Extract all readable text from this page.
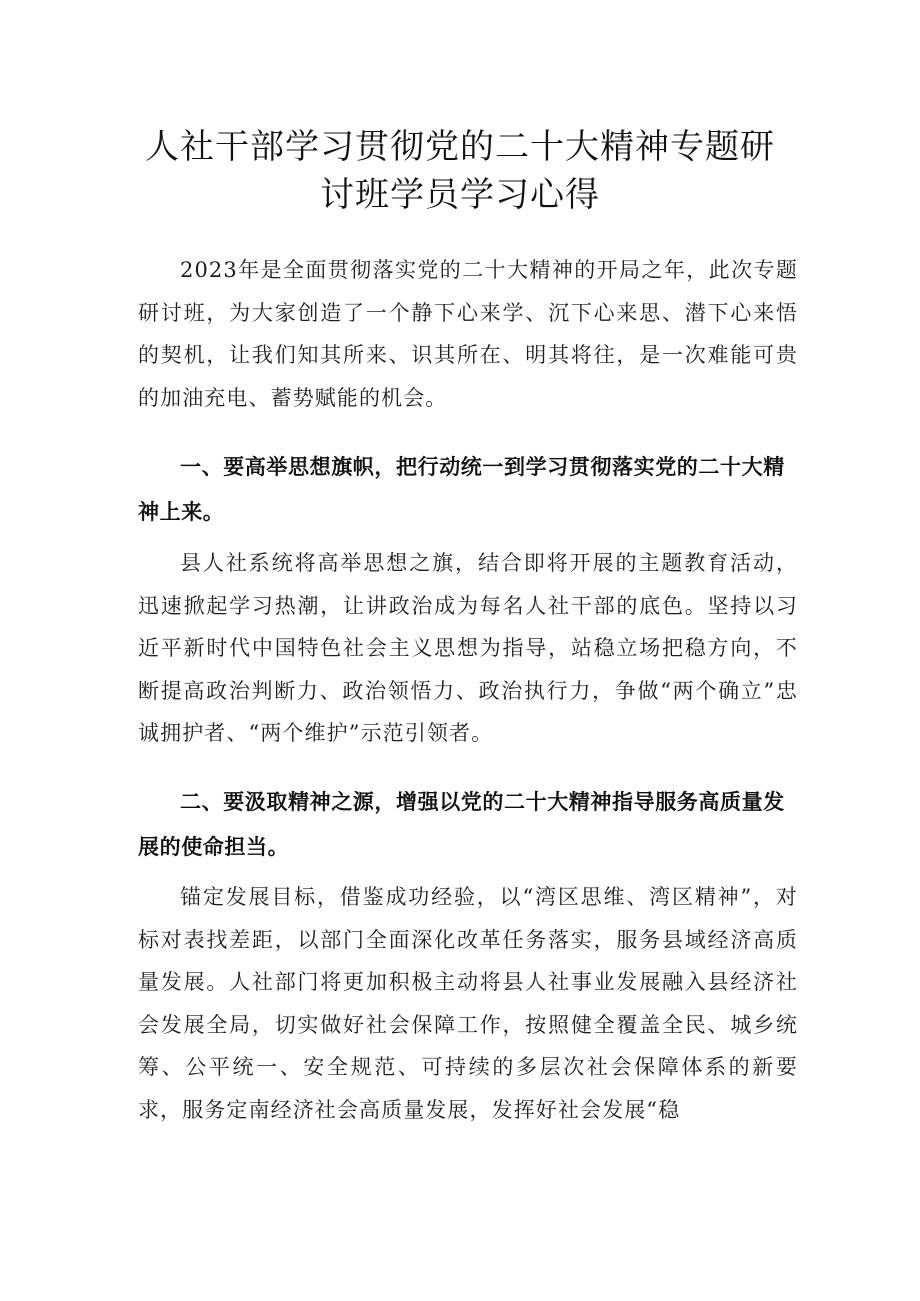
人社干部学习贯彻党的二十大精神专题研
讨班学员学习心得

2023年是全面贯彻落实党的二十大精神的开局之年，此次专题研讨班，为大家创造了一个静下心来学、沉下心来思、潜下心来悟的契机，让我们知其所来、识其所在、明其将往，是一次难能可贵的加油充电、蓄势赋能的机会。

一、要高举思想旗帜，把行动统一到学习贯彻落实党的二十大精神上来。

县人社系统将高举思想之旗，结合即将开展的主题教育活动，迅速掀起学习热潮，让讲政治成为每名人社干部的底色。坚持以习近平新时代中国特色社会主义思想为指导，站稳立场把稳方向，不断提高政治判断力、政治领悟力、政治执行力，争做“两个确立”忠诚拥护者、“两个维护”示范引领者。

二、要汲取精神之源，增强以党的二十大精神指导服务高质量发展的使命担当。

锚定发展目标，借鉴成功经验，以“湾区思维、湾区精神”，对标对表找差距，以部门全面深化改革任务落实，服务县域经济高质量发展。人社部门将更加积极主动将县人社事业发展融入县经济社会发展全局，切实做好社会保障工作，按照健全覆盖全民、城乡统筹、公平统一、安全规范、可持续的多层次社会保障体系的新要求，服务定南经济社会高质量发展，发挥好社会发展“稳
